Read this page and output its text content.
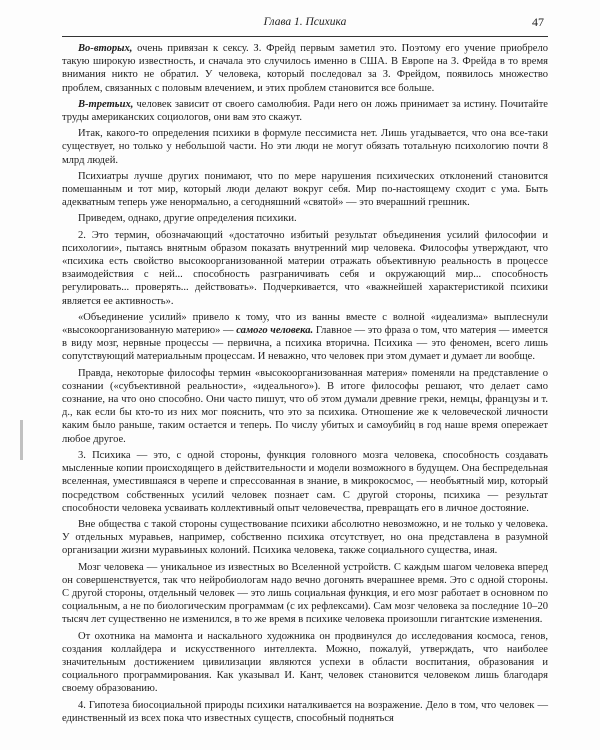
Глава 1. Психика	47

Во-вторых, очень привязан к сексу. З. Фрейд первым заметил это. Поэтому его учение приобрело такую широкую известность, и сначала это случилось именно в США. В Европе на З. Фрейда в то время внимания никто не обратил. У человека, который последовал за З. Фрейдом, появилось множество проблем, связанных с половым влечением, и этих проблем становится все больше.

В-третьих, человек зависит от своего самолюбия. Ради него он ложь принимает за истину. Почитайте труды американских социологов, они вам это скажут.

Итак, какого-то определения психики в формуле пессимиста нет. Лишь угадывается, что она все-таки существует, но только у небольшой части. Но эти люди не могут обязать тотальную психологию почти 8 млрд людей.

Психиатры лучше других понимают, что по мере нарушения психических отклонений становится помешанным и тот мир, который люди делают вокруг себя. Мир по-настоящему сходит с ума. Быть адекватным теперь уже ненормально, а сегодняшний «святой» — это вчерашний грешник.

Приведем, однако, другие определения психики.

2. Это термин, обозначающий «достаточно избитый результат объединения усилий философии и психологии», пытаясь внятным образом показать внутренний мир человека. Философы утверждают, что «психика есть свойство высокоорганизованной материи отражать объективную реальность в процессе взаимодействия с ней... способность разграничивать себя и окружающий мир... способность регулировать... проверять... действовать». Подчеркивается, что «важнейшей характеристикой психики является ее активность».

«Объединение усилий» привело к тому, что из ванны вместе с волной «идеализма» выплеснули «высокоорганизованную материю» — самого человека. Главное — это фраза о том, что материя — имеется в виду мозг, нервные процессы — первична, а психика вторична. Психика — это феномен, всего лишь сопутствующий материальным процессам. И неважно, что человек при этом думает и думает ли вообще.

Правда, некоторые философы термин «высокоорганизованная материя» поменяли на представление о сознании («субъективной реальности», «идеального»). В итоге философы решают, что делает само сознание, на что оно способно. Они часто пишут, что об этом думали древние греки, немцы, французы и т. д., как если бы кто-то из них мог пояснить, что это за психика. Отношение же к человеческой личности каким было раньше, таким остается и теперь. По числу убитых и самоубийц в год наше время опережает любое другое.

3. Психика — это, с одной стороны, функция головного мозга человека, способность создавать мысленные копии происходящего в действительности и модели возможного в будущем. Она беспредельная вселенная, уместившаяся в черепе и спрессованная в знание, в микрокосмос, — необъятный мир, который посредством собственных усилий человек познает сам. С другой стороны, психика — результат способности человека усваивать коллективный опыт человечества, превращать его в личное достояние.

Вне общества с такой стороны существование психики абсолютно невозможно, и не только у человека. У отдельных муравьев, например, собственно психика отсутствует, но она представлена в разумной организации жизни муравьиных колоний. Психика человека, также социального существа, иная.

Мозг человека — уникальное из известных во Вселенной устройств. С каждым шагом человека вперед он совершенствуется, так что нейробиологам надо вечно догонять вчерашнее время. Это с одной стороны. С другой стороны, отдельный человек — это лишь социальная функция, и его мозг работает в основном по социальным, а не по биологическим программам (с их рефлексами). Сам мозг человека за последние 10–20 тысяч лет существенно не изменился, в то же время в психике человека произошли гигантские изменения.

От охотника на мамонта и наскального художника он продвинулся до исследования космоса, генов, создания коллайдера и искусственного интеллекта. Можно, пожалуй, утверждать, что наиболее значительным достижением цивилизации являются успехи в области воспитания, образования и социального программирования. Как указывал И. Кант, человек становится человеком лишь благодаря своему образованию.

4. Гипотеза биосоциальной природы психики наталкивается на возражение. Дело в том, что человек — единственный из всех пока что известных существ, способный подняться
